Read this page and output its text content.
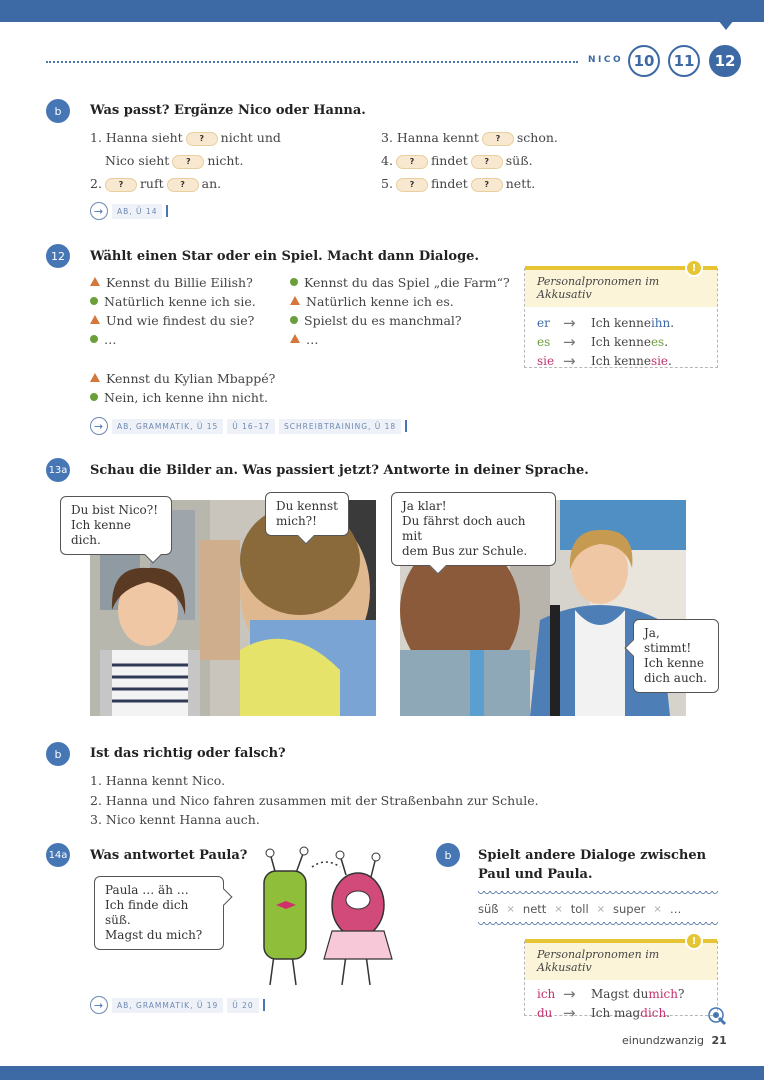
NICO 10	11	12
b	Was passt? Ergänze Nico oder Hanna.
1. Hanna sieht ? nicht und
Nico sieht ? nicht.
2. ? ruft ? an.
3. Hanna kennt ? schon.
4. ? findet ? süß.
5. ? findet ? nett.
→	AB, Ü 14
12	Wählt einen Star oder ein Spiel. Macht dann Dialoge.
Kennst du Billie Eilish?
Natürlich kenne ich sie.
Und wie findest du sie?
…
Kennst du das Spiel „die Farm“?
Natürlich kenne ich es.
Spielst du es manchmal?
…
Kennst du Kylian Mbappé?
Nein, ich kenne ihn nicht.
→	AB, GRAMMATIK, Ü 15	Ü 16–17	SCHREIBTRAINING, Ü 18
!
Personalpronomen im Akkusativ
er →	Ich kenne ihn .
es →	Ich kenne es .
sie →	Ich kenne sie .
13a Schau die Bilder an. Was passiert jetzt? Antworte in deiner Sprache.
Du bist Nico?!
Ich kenne dich.
Du kennst
mich?!
Ja klar!
Du fährst doch auch mit
dem Bus zur Schule.
Ja, stimmt!
Ich kenne
dich auch.
b	Ist das richtig oder falsch?
1. Hanna kennt Nico.
2. Hanna und Nico fahren zusammen mit der Straßenbahn zur Schule.
3. Nico kennt Hanna auch.
14a Was antwortet Paula?
Paula … äh …
Ich finde dich süß.
Magst du mich?
→	AB, GRAMMATIK, Ü 19	Ü 20
b	Spielt andere Dialoge zwischen
Paul und Paula.
süß × nett × toll × super × …
!
Personalpronomen im Akkusativ
ich →	Magst du mich ?
du →	Ich mag dich .
einundzwanzig 21
